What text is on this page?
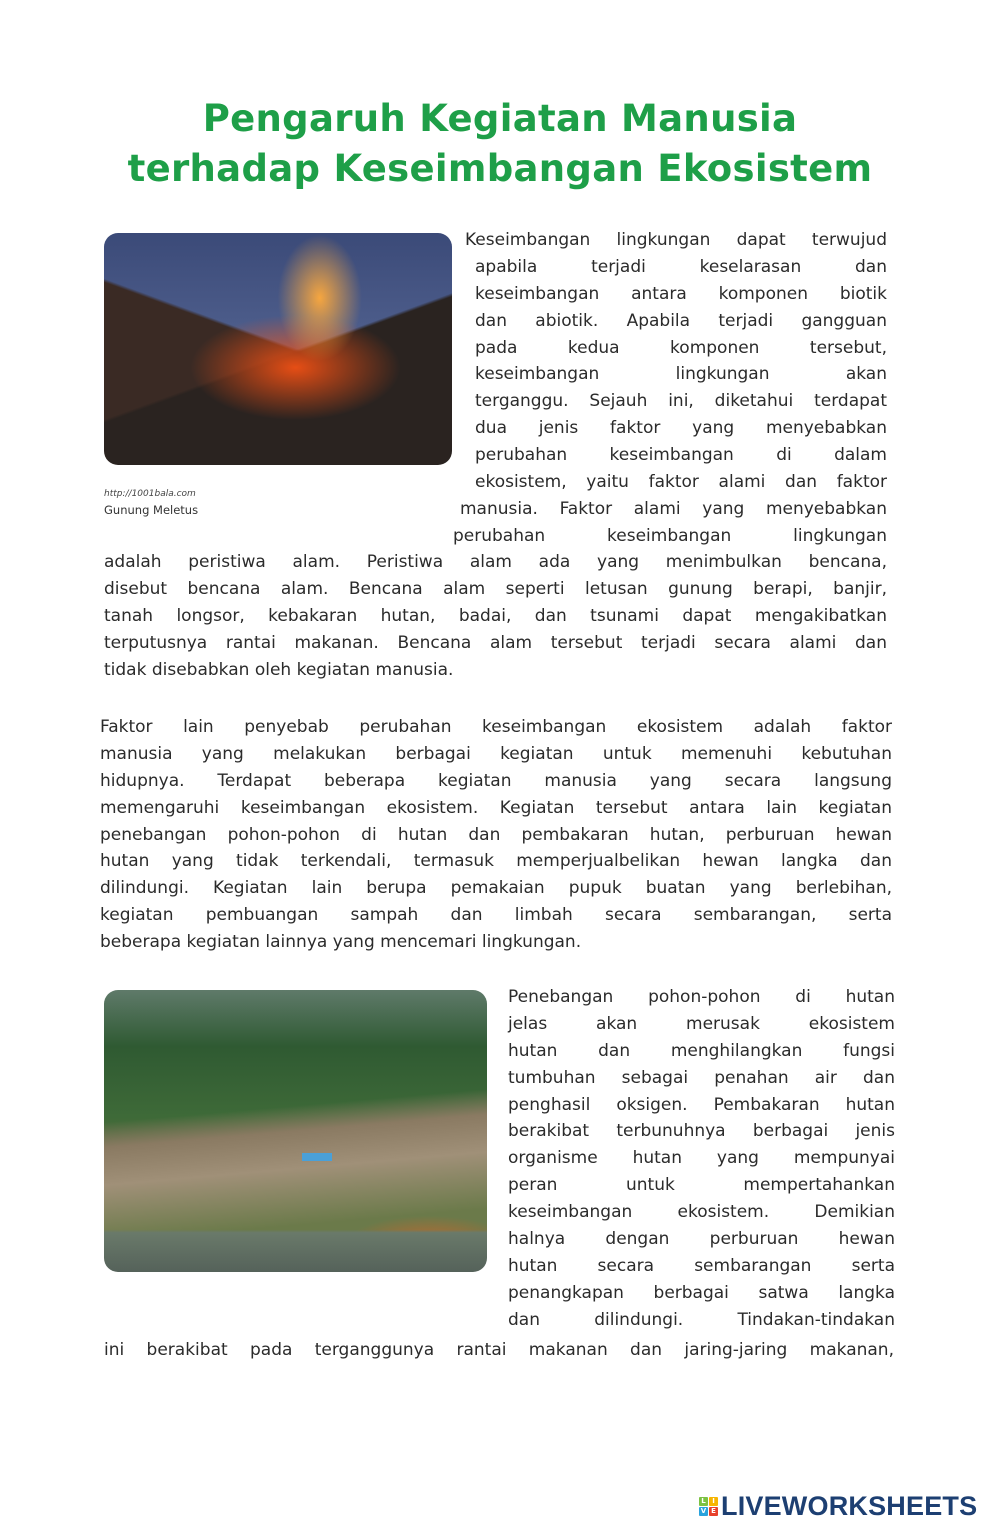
Pengaruh Kegiatan Manusia
terhadap Keseimbangan Ekosistem
http://1001bala.com
Gunung Meletus
Keseimbangan lingkungan dapat terwujud
apabila terjadi keselarasan dan
keseimbangan antara komponen biotik
dan abiotik. Apabila terjadi gangguan
pada kedua komponen tersebut,
keseimbangan lingkungan akan
terganggu. Sejauh ini, diketahui terdapat
dua jenis faktor yang menyebabkan
perubahan keseimbangan di dalam
ekosistem, yaitu faktor alami dan faktor
manusia. Faktor alami yang menyebabkan
perubahan keseimbangan lingkungan
adalah peristiwa alam. Peristiwa alam ada yang menimbulkan bencana,
disebut bencana alam. Bencana alam seperti letusan gunung berapi, banjir,
tanah longsor, kebakaran hutan, badai, dan tsunami dapat mengakibatkan
terputusnya rantai makanan. Bencana alam tersebut terjadi secara alami dan
tidak disebabkan oleh kegiatan manusia.
Faktor lain penyebab perubahan keseimbangan ekosistem adalah faktor
manusia yang melakukan berbagai kegiatan untuk memenuhi kebutuhan
hidupnya. Terdapat beberapa kegiatan manusia yang secara langsung
memengaruhi keseimbangan ekosistem. Kegiatan tersebut antara lain kegiatan
penebangan pohon-pohon di hutan dan pembakaran hutan, perburuan hewan
hutan yang tidak terkendali, termasuk memperjualbelikan hewan langka dan
dilindungi. Kegiatan lain berupa pemakaian pupuk buatan yang berlebihan,
kegiatan pembuangan sampah dan limbah secara sembarangan, serta
beberapa kegiatan lainnya yang mencemari lingkungan.
Penebangan pohon-pohon di hutan
jelas akan merusak ekosistem
hutan dan menghilangkan fungsi
tumbuhan sebagai penahan air dan
penghasil oksigen. Pembakaran hutan
berakibat terbunuhnya berbagai jenis
organisme hutan yang mempunyai
peran untuk mempertahankan
keseimbangan ekosistem. Demikian
halnya dengan perburuan hewan
hutan secara sembarangan serta
penangkapan berbagai satwa langka
dan dilindungi. Tindakan-tindakan
ini berakibat pada terganggunya rantai makanan dan jaring-jaring makanan,
L I
V E LIVEWORKSHEETS
